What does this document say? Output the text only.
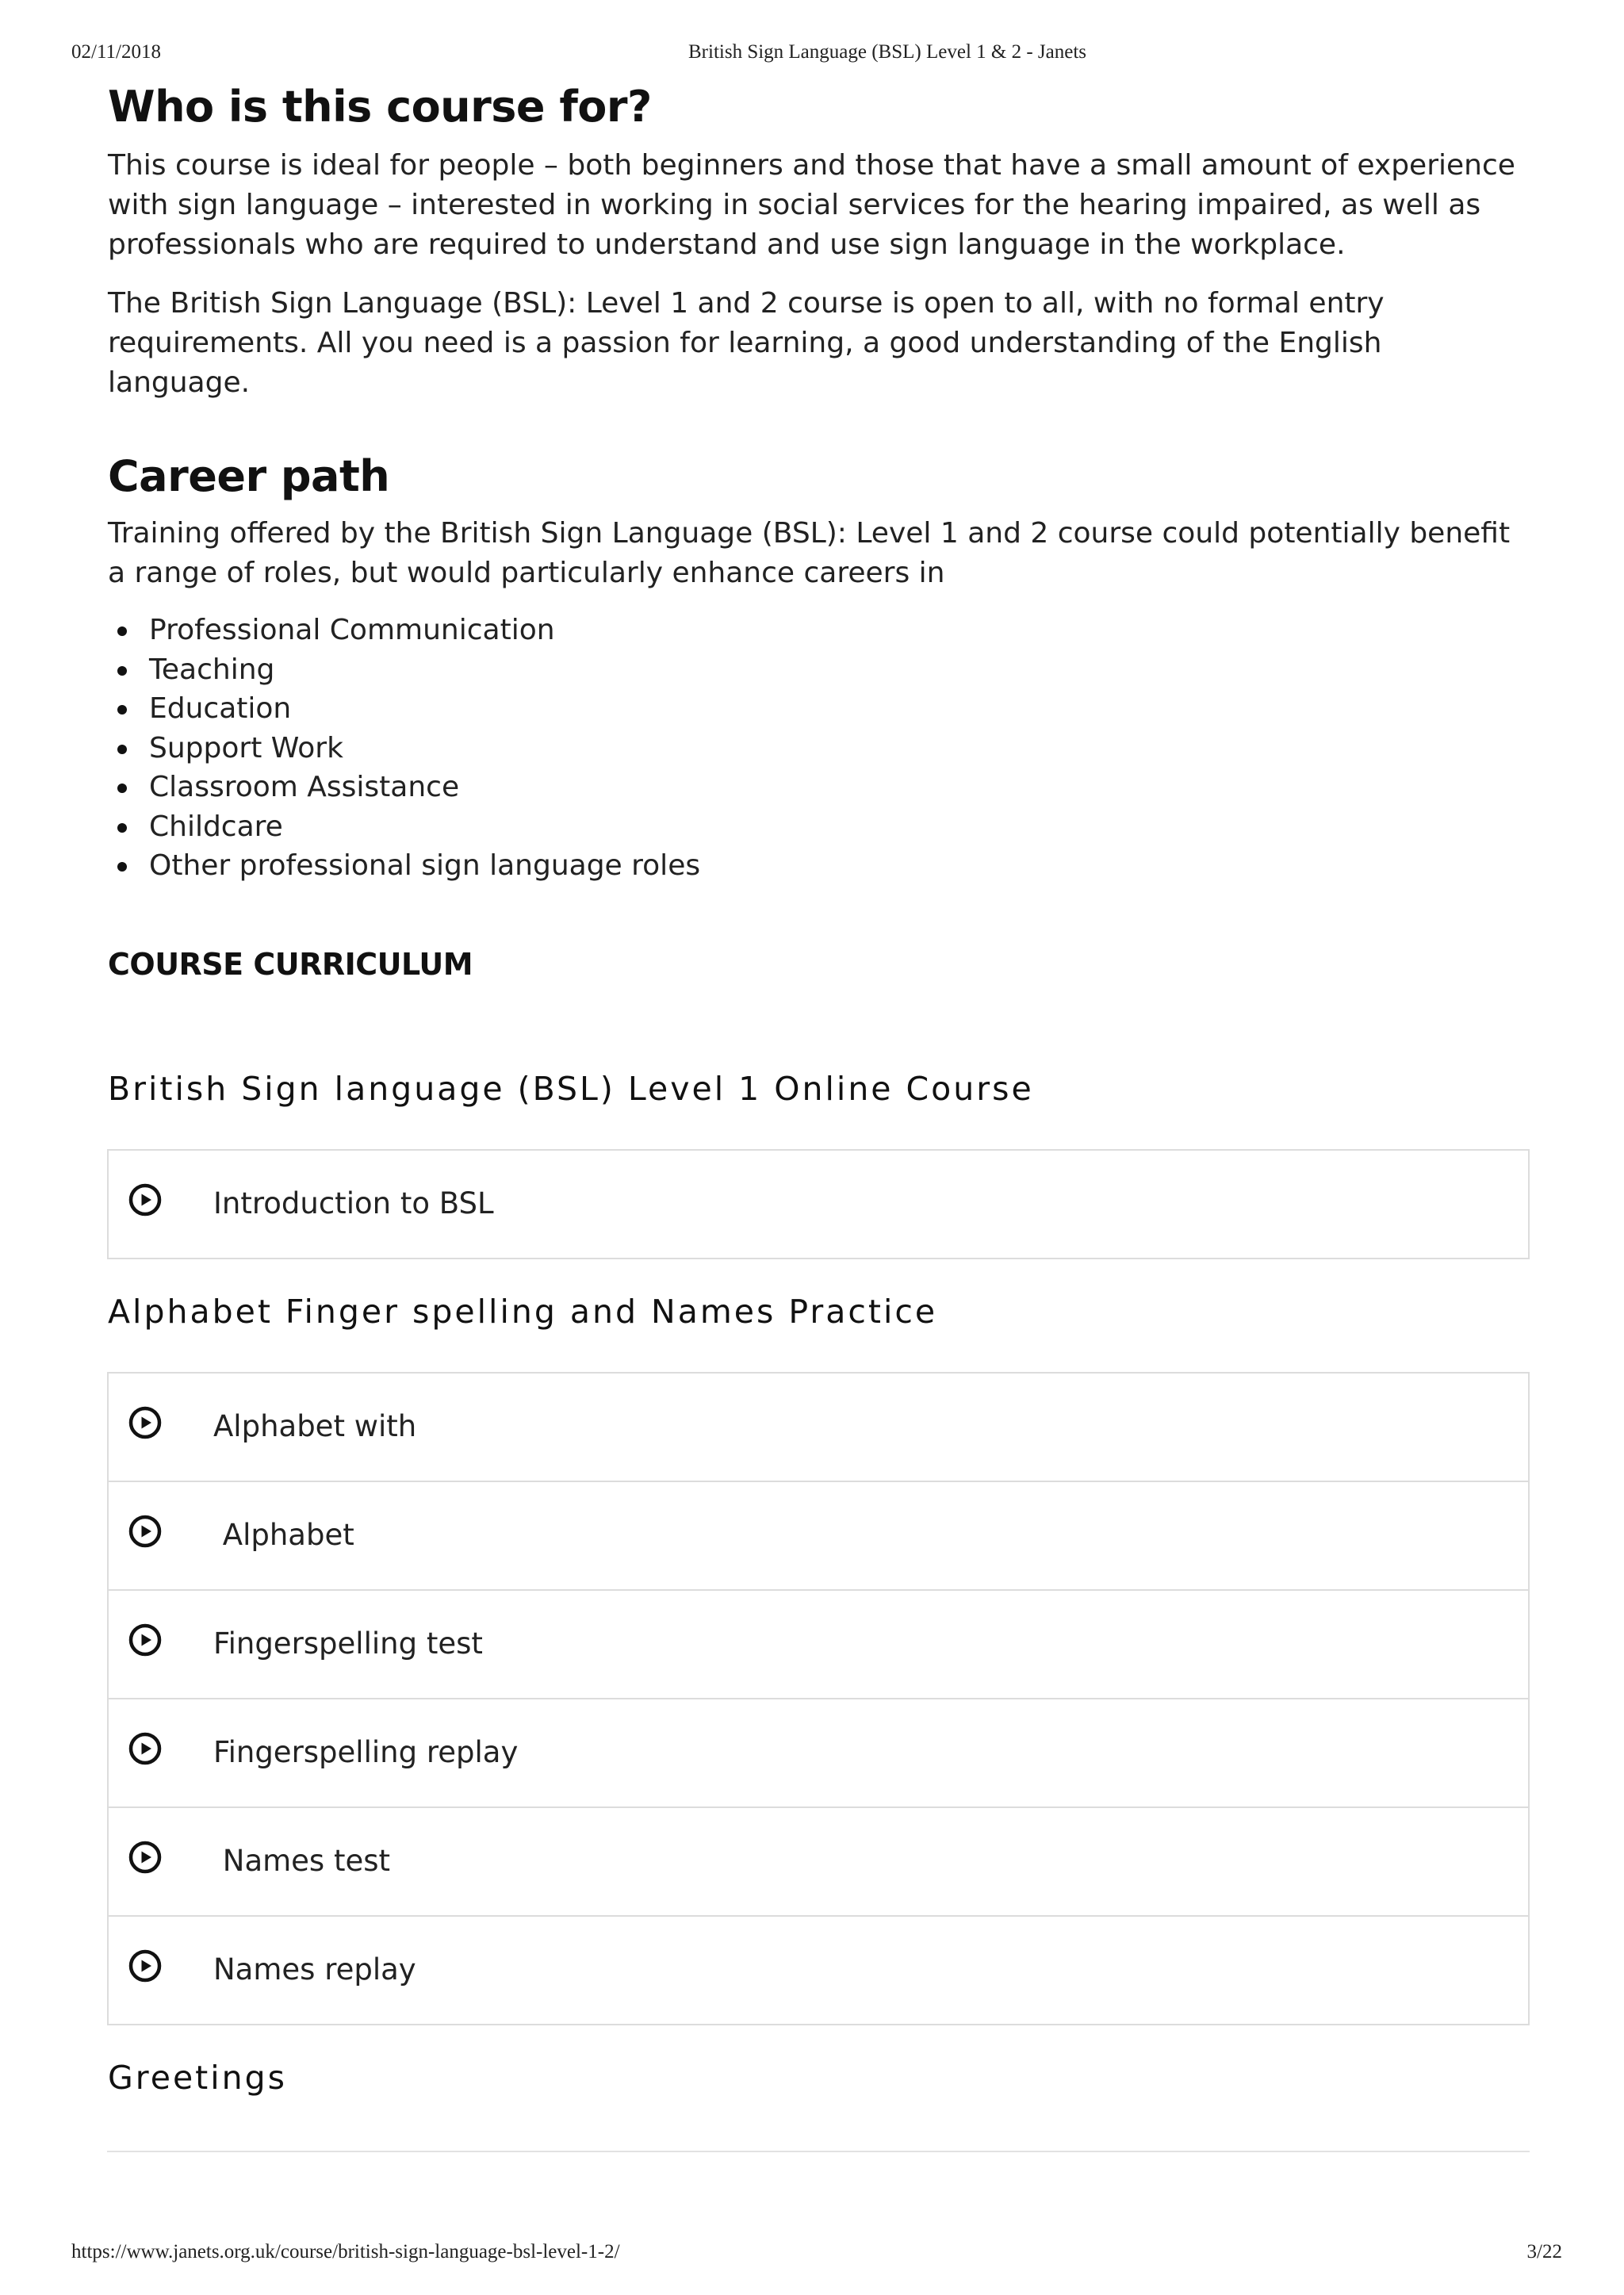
02/11/2018	British Sign Language (BSL) Level 1 & 2 - Janets
Who is this course for?

This course is ideal for people – both beginners and those that have a small amount of experience with sign language – interested in working in social services for the hearing impaired, as well as professionals who are required to understand and use sign language in the workplace.

The British Sign Language (BSL): Level 1 and 2 course is open to all, with no formal entry requirements. All you need is a passion for learning, a good understanding of the English language.

Career path

Training offered by the British Sign Language (BSL): Level 1 and 2 course could potentially benefit a range of roles, but would particularly enhance careers in

Professional Communication
Teaching
Education
Support Work
Classroom Assistance
Childcare
Other professional sign language roles
COURSE CURRICULUM
British Sign language (BSL) Level 1 Online Course
Introduction to BSL
Alphabet Finger spelling and Names Practice
Alphabet with
Alphabet
Fingerspelling test
Fingerspelling replay
Names test
Names replay
Greetings
https://www.janets.org.uk/course/british-sign-language-bsl-level-1-2/	3/22
